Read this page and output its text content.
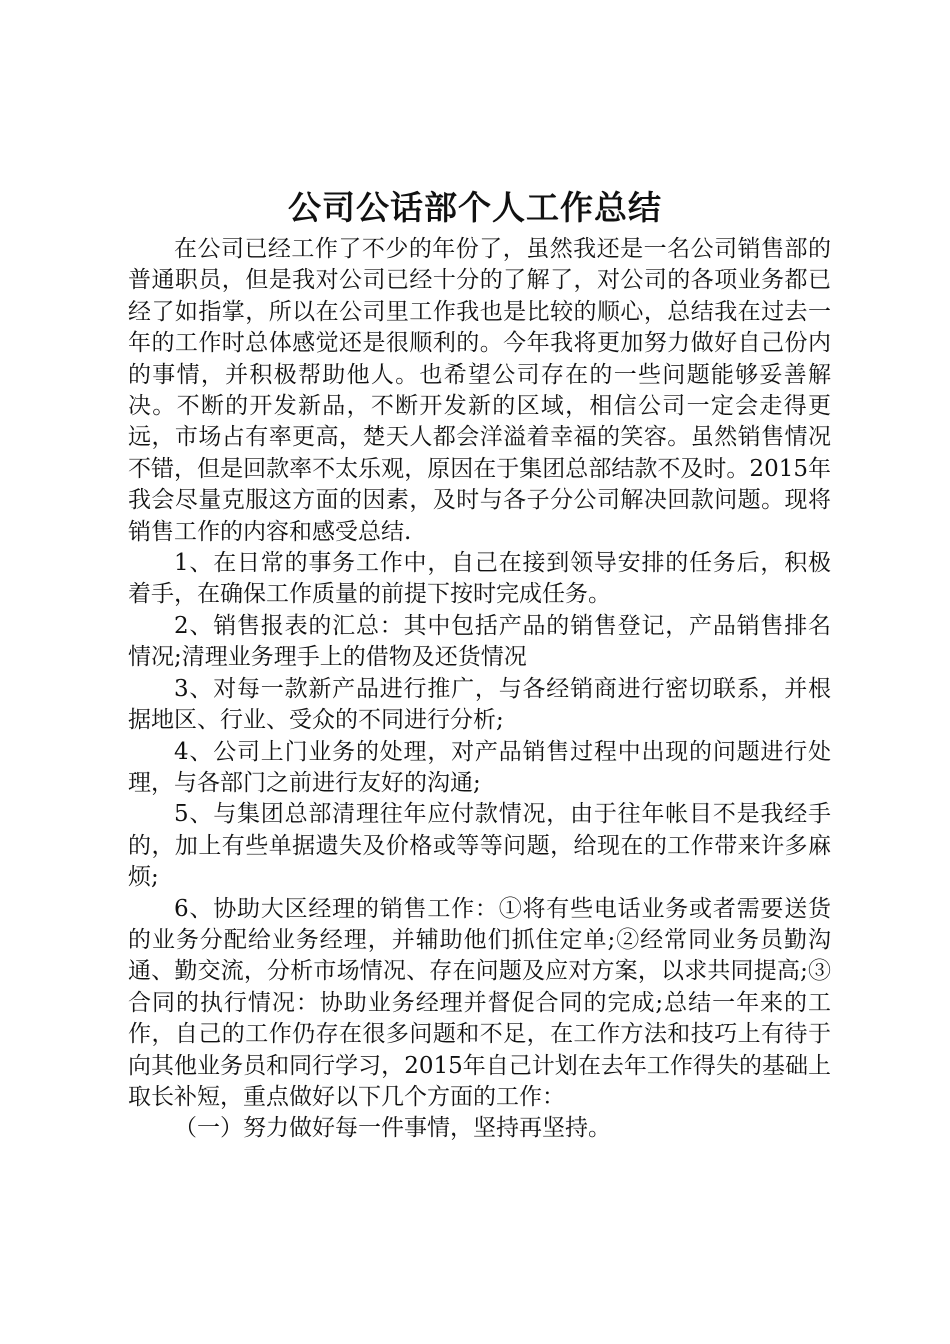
公司公话部个人工作总结

在公司已经工作了不少的年份了，虽然我还是一名公司销售部的普通职员，但是我对公司已经十分的了解了，对公司的各项业务都已经了如指掌，所以在公司里工作我也是比较的顺心，总结我在过去一年的工作时总体感觉还是很顺利的。今年我将更加努力做好自己份内的事情，并积极帮助他人。也希望公司存在的一些问题能够妥善解决。不断的开发新品，不断开发新的区域，相信公司一定会走得更远，市场占有率更高，楚天人都会洋溢着幸福的笑容。虽然销售情况不错，但是回款率不太乐观，原因在于集团总部结款不及时。2015年我会尽量克服这方面的因素，及时与各子分公司解决回款问题。现将销售工作的内容和感受总结.

1、在日常的事务工作中，自己在接到领导安排的任务后，积极着手，在确保工作质量的前提下按时完成任务。

2、销售报表的汇总：其中包括产品的销售登记，产品销售排名情况;清理业务理手上的借物及还货情况

3、对每一款新产品进行推广，与各经销商进行密切联系，并根据地区、行业、受众的不同进行分析;

4、公司上门业务的处理，对产品销售过程中出现的问题进行处理，与各部门之前进行友好的沟通;

5、与集团总部清理往年应付款情况，由于往年帐目不是我经手的，加上有些单据遗失及价格或等等问题，给现在的工作带来许多麻烦;

6、协助大区经理的销售工作：①将有些电话业务或者需要送货的业务分配给业务经理，并辅助他们抓住定单;②经常同业务员勤沟通、勤交流，分析市场情况、存在问题及应对方案，以求共同提高;③合同的执行情况：协助业务经理并督促合同的完成;总结一年来的工作，自己的工作仍存在很多问题和不足，在工作方法和技巧上有待于向其他业务员和同行学习，2015年自己计划在去年工作得失的基础上取长补短，重点做好以下几个方面的工作：

（一）努力做好每一件事情，坚持再坚持。
